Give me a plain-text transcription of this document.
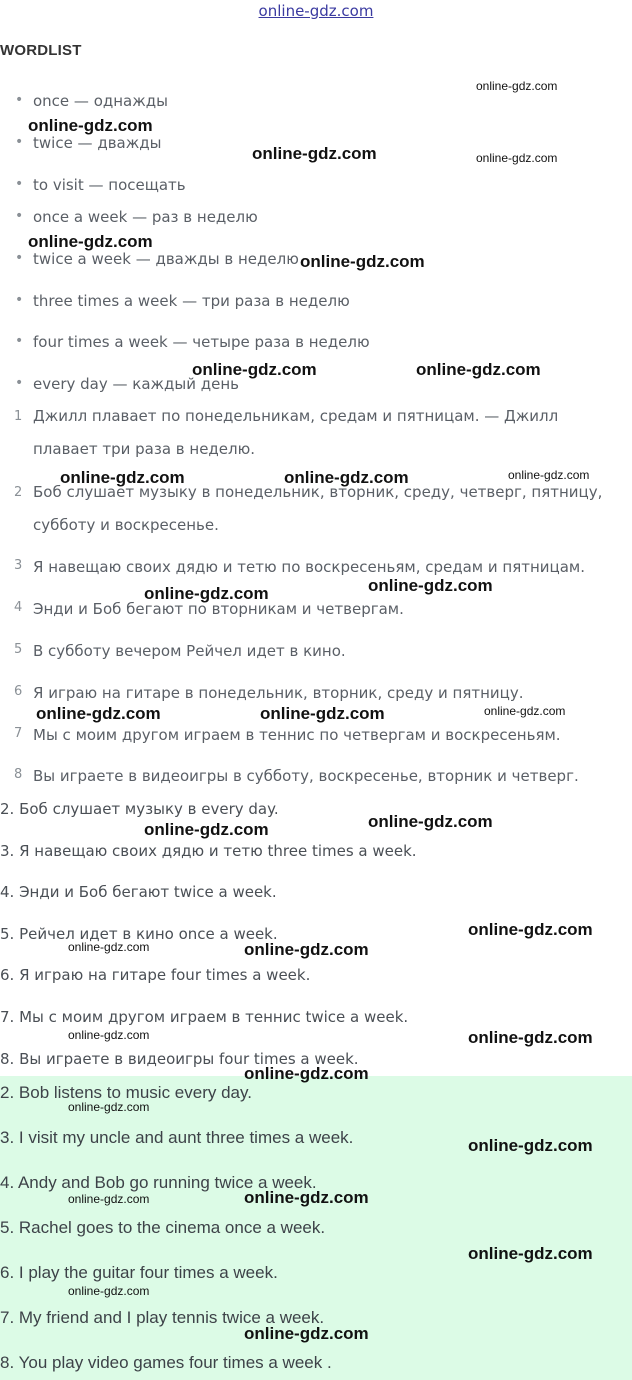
online-gdz.com
WORDLIST
• once — однажды
• twice — дважды
• to visit — посещать
• once a week — раз в неделю
• twice a week — дважды в неделю
• three times a week — три раза в неделю
• four times a week — четыре раза в неделю
• every day — каждый день
1 Джилл плавает по понедельникам, средам и пятницам. — Джилл плавает три раза в неделю.
2 Боб слушает музыку в понедельник, вторник, среду, четверг, пятницу, субботу и воскресенье.
3 Я навещаю своих дядю и тетю по воскресеньям, средам и пятницам.
4 Энди и Боб бегают по вторникам и четвергам.
5 В субботу вечером Рейчел идет в кино.
6 Я играю на гитаре в понедельник, вторник, среду и пятницу.
7 Мы с моим другом играем в теннис по четвергам и воскресеньям.
8 Вы играете в видеоигры в субботу, воскресенье, вторник и четверг.
2. Боб слушает музыку в every day.
3. Я навещаю своих дядю и тетю three times a week.
4. Энди и Боб бегают twice a week.
5. Рейчел идет в кино once a week.
6. Я играю на гитаре four times a week.
7. Мы с моим другом играем в теннис twice a week.
8. Вы играете в видеоигры four times a week.
2. Bob listens to music every day.
3. I visit my uncle and aunt three times a week.
4. Andy and Bob go running twice a week.
5. Rachel goes to the cinema once a week.
6. I play the guitar four times a week.
7. My friend and I play tennis twice a week.
8. You play video games four times a week .
online-gdz.com
online-gdz.com
online-gdz.com	online-gdz.com
online-gdz.com
online-gdz.com
online-gdz.com	online-gdz.com
online-gdz.com	online-gdz.com	online-gdz.com
online-gdz.com
online-gdz.com
online-gdz.com	online-gdz.com	online-gdz.com
online-gdz.com
online-gdz.com
online-gdz.com
online-gdz.com	online-gdz.com
online-gdz.com	online-gdz.com
online-gdz.com
online-gdz.com
online-gdz.com
online-gdz.com	online-gdz.com
online-gdz.com
online-gdz.com
online-gdz.com
